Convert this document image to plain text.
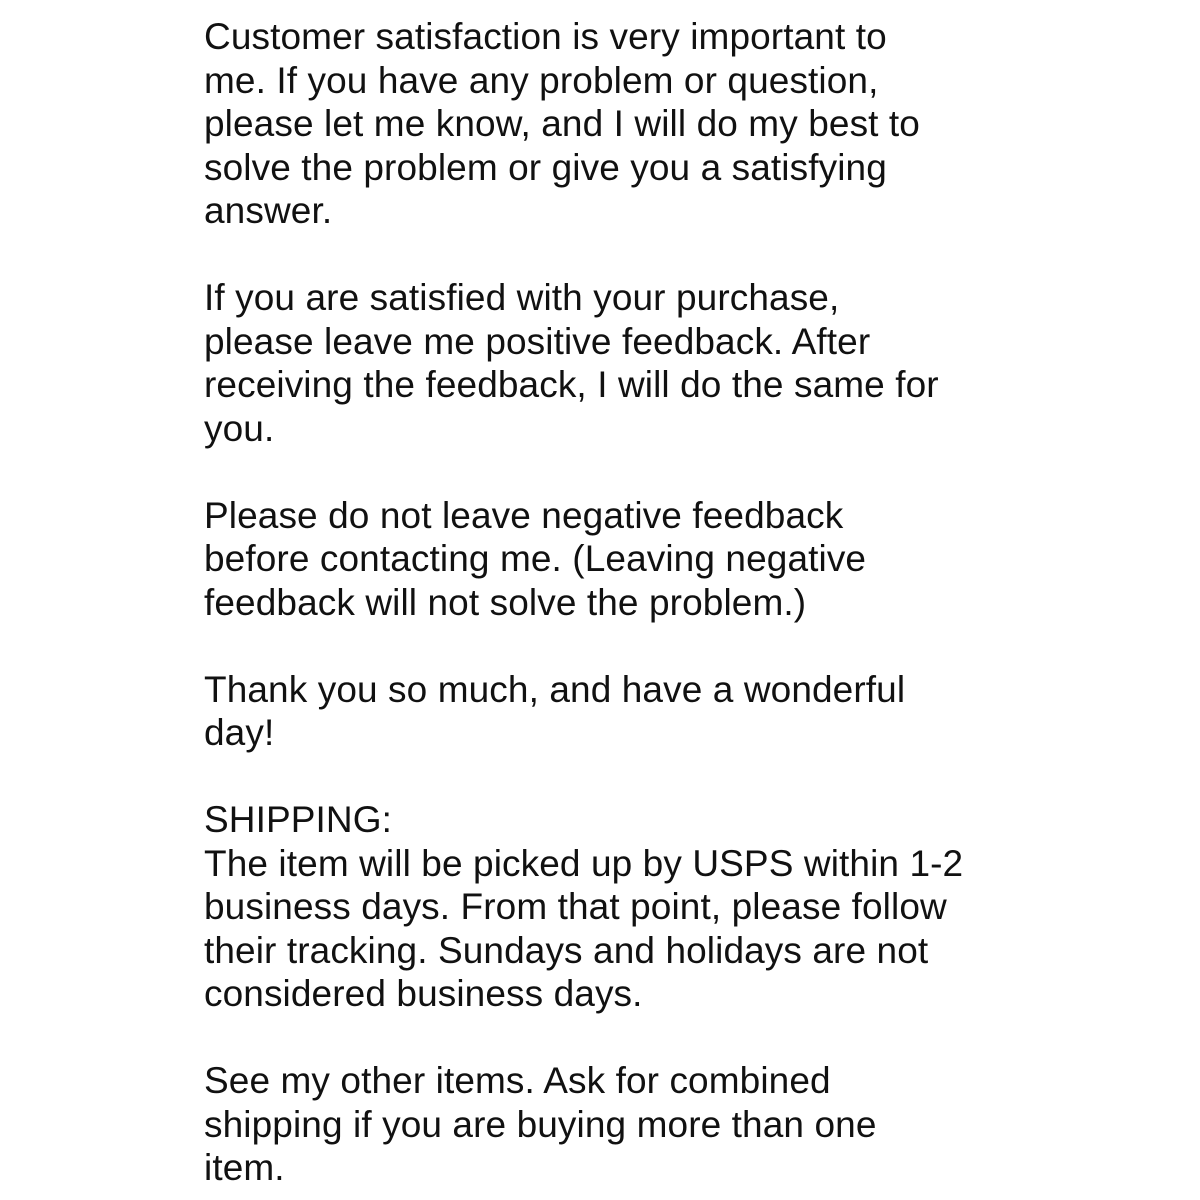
Customer satisfaction is very important to
me. If you have any problem or question,
please let me know, and I will do my best to
solve the problem or give you a satisfying
answer.
If you are satisfied with your purchase,
please leave me positive feedback. After
receiving the feedback, I will do the same for
you.
Please do not leave negative feedback
before contacting me. (Leaving negative
feedback will not solve the problem.)
Thank you so much, and have a wonderful
day!
SHIPPING:
The item will be picked up by USPS within 1-2
business days. From that point, please follow
their tracking. Sundays and holidays are not
considered business days.
See my other items. Ask for combined
shipping if you are buying more than one
item.
